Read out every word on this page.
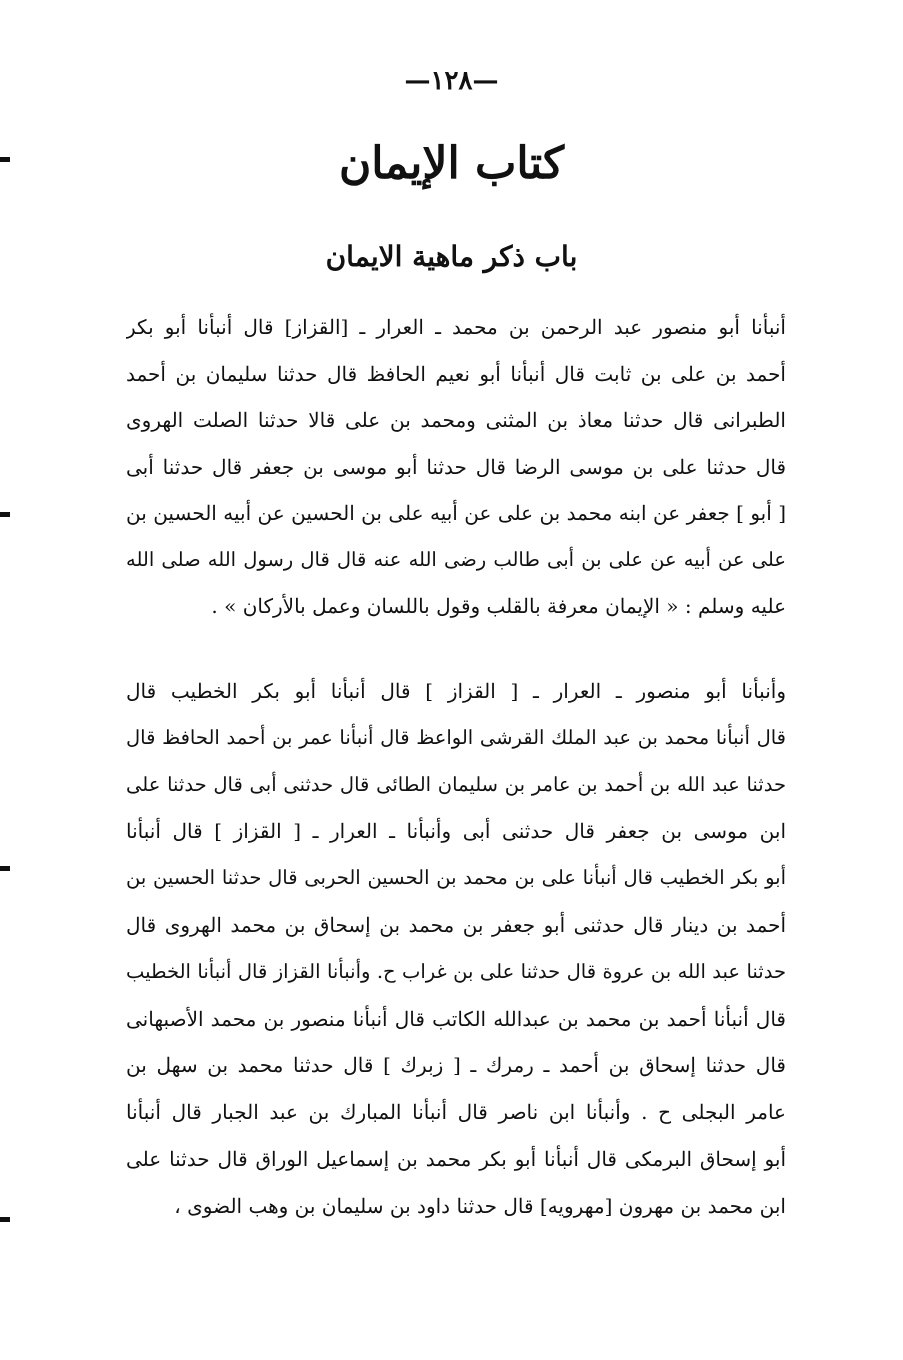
—١٢٨—
كتاب الإيمان
باب ذكر ماهية الايمان
أنبأنا أبو منصور عبد الرحمن بن محمد ـ العرار ـ [القزاز] قال أنبأنا أبو بكر
أحمد بن على بن ثابت قال أنبأنا أبو نعيم الحافظ قال حدثنا سليمان بن أحمد
الطبرانى قال حدثنا معاذ بن المثنى ومحمد بن على قالا حدثنا الصلت الهروى
قال حدثنا على بن موسى الرضا قال حدثنا أبو موسى بن جعفر قال حدثنا أبى
[ أبو ] جعفر عن ابنه محمد بن على عن أبيه على بن الحسين عن أبيه الحسين بن
على عن أبيه عن على بن أبى طالب رضى الله عنه قال قال رسول الله صلى الله
عليه وسلم : « الإيمان معرفة بالقلب وقول باللسان وعمل بالأركان » .
وأنبأنا أبو منصور ـ العرار ـ [ القزاز ] قال أنبأنا أبو بكر الخطيب قال
قال أنبأنا محمد بن عبد الملك القرشى الواعظ قال أنبأنا عمر بن أحمد الحافظ قال
حدثنا عبد الله بن أحمد بن عامر بن سليمان الطائى قال حدثنى أبى قال حدثنا على
ابن موسى بن جعفر قال حدثنى أبى وأنبأنا ـ العرار ـ [ القزاز ] قال أنبأنا
أبو بكر الخطيب قال أنبأنا على بن محمد بن الحسين الحربى قال حدثنا الحسين بن
أحمد بن دينار قال حدثنى أبو جعفر بن محمد بن إسحاق بن محمد الهروى قال
حدثنا عبد الله بن عروة قال حدثنا على بن غراب ح. وأنبأنا القزاز قال أنبأنا الخطيب
قال أنبأنا أحمد بن محمد بن عبدالله الكاتب قال أنبأنا منصور بن محمد الأصبهانى
قال حدثنا إسحاق بن أحمد ـ رمرك ـ [ زبرك ] قال حدثنا محمد بن سهل بن
عامر البجلى ح . وأنبأنا ابن ناصر قال أنبأنا المبارك بن عبد الجبار قال أنبأنا
أبو إسحاق البرمكى قال أنبأنا أبو بكر محمد بن إسماعيل الوراق قال حدثنا على
ابن محمد بن مهرون [مهرويه] قال حدثنا داود بن سليمان بن وهب الضوى ،
